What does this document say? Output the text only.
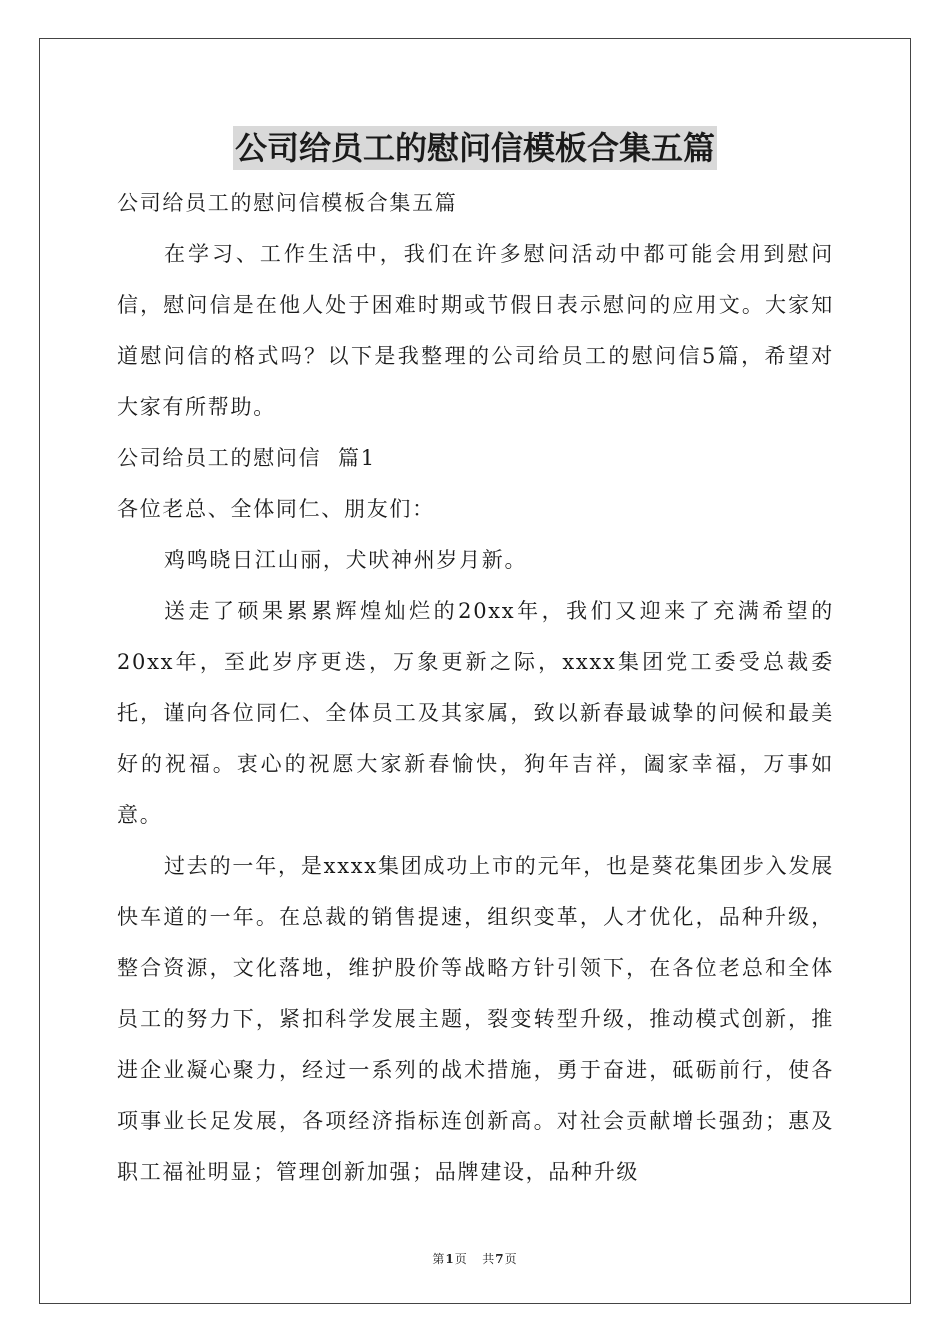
公司给员工的慰问信模板合集五篇

公司给员工的慰问信模板合集五篇

在学习、工作生活中，我们在许多慰问活动中都可能会用到慰问信，慰问信是在他人处于困难时期或节假日表示慰问的应用文。大家知道慰问信的格式吗？以下是我整理的公司给员工的慰问信5篇，希望对大家有所帮助。

公司给员工的慰问信  篇1

各位老总、全体同仁、朋友们：

鸡鸣晓日江山丽，犬吠神州岁月新。

送走了硕果累累辉煌灿烂的20xx年，我们又迎来了充满希望的20xx年，至此岁序更迭，万象更新之际，xxxx集团党工委受总裁委托，谨向各位同仁、全体员工及其家属，致以新春最诚挚的问候和最美好的祝福。衷心的祝愿大家新春愉快，狗年吉祥，阖家幸福，万事如意。

过去的一年，是xxxx集团成功上市的元年，也是葵花集团步入发展快车道的一年。在总裁的销售提速，组织变革，人才优化，品种升级，整合资源，文化落地，维护股价等战略方针引领下，在各位老总和全体员工的努力下，紧扣科学发展主题，裂变转型升级，推动模式创新，推进企业凝心聚力，经过一系列的战术措施，勇于奋进，砥砺前行，使各项事业长足发展，各项经济指标连创新高。对社会贡献增长强劲；惠及职工福祉明显；管理创新加强；品牌建设，品种升级

第1页   共7页
